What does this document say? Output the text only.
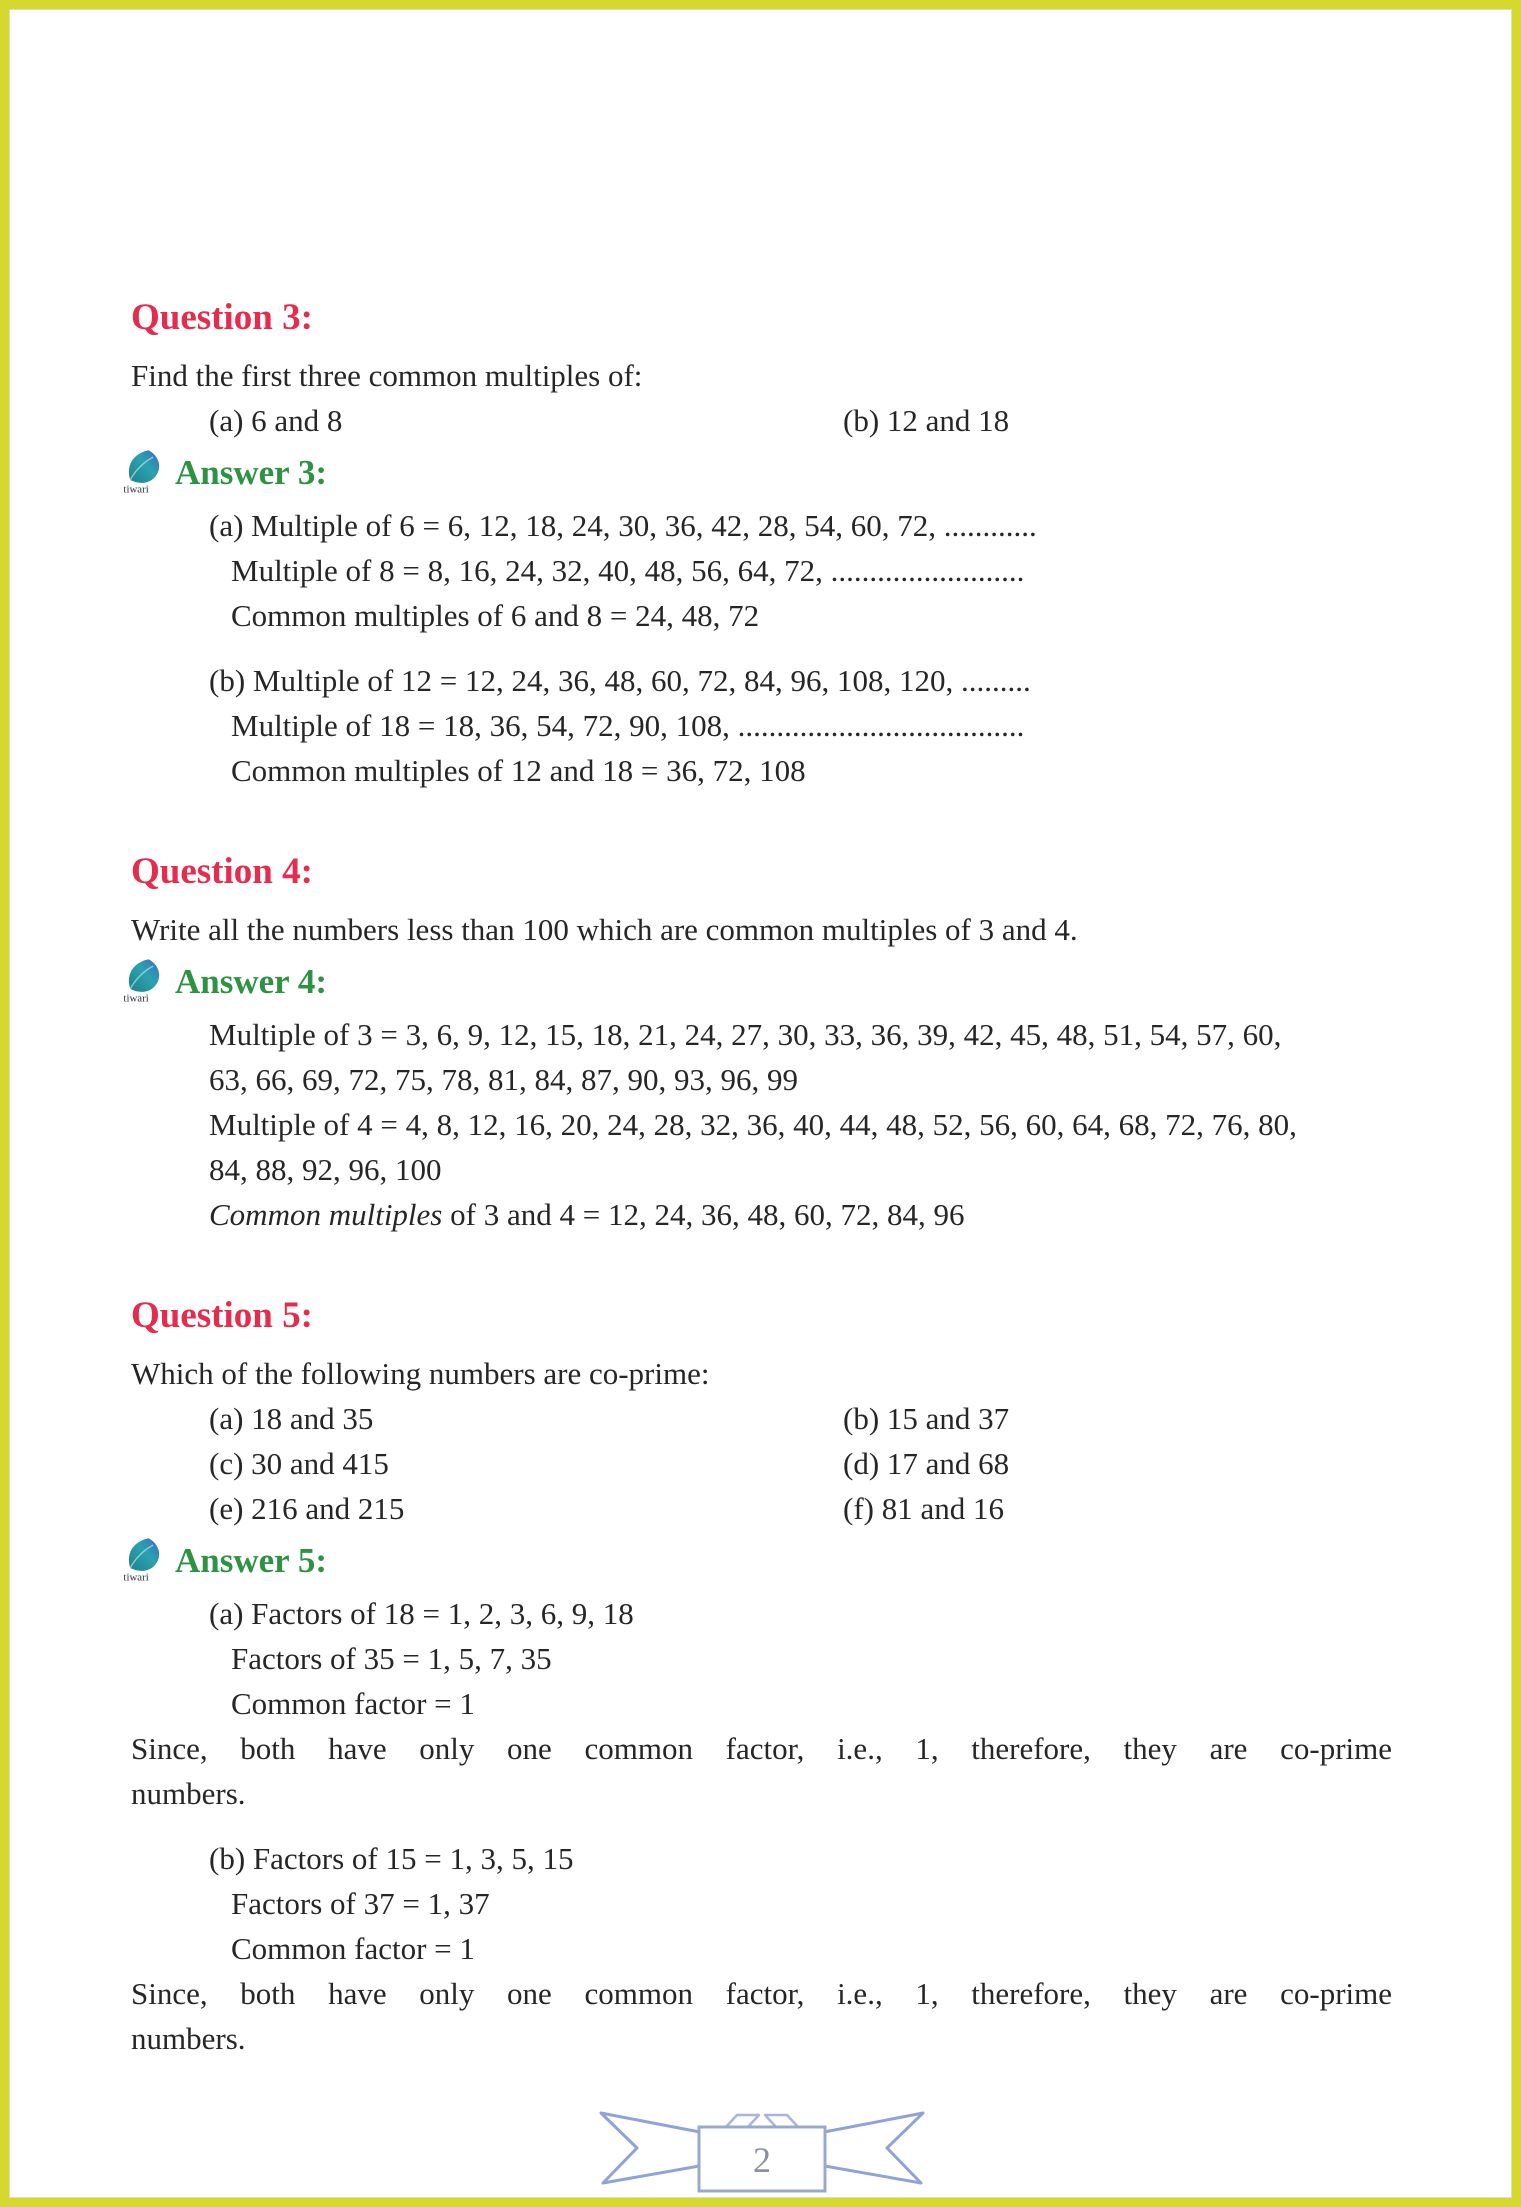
Question 3:

Find the first three common multiples of:

(a) 6 and 8	(b) 12 and 18

tiwari Answer 3:

(a) Multiple of 6 = 6, 12, 18, 24, 30, 36, 42, 28, 54, 60, 72, ............

Multiple of 8 = 8, 16, 24, 32, 40, 48, 56, 64, 72, .........................

Common multiples of 6 and 8 = 24, 48, 72

(b) Multiple of 12 = 12, 24, 36, 48, 60, 72, 84, 96, 108, 120, .........

Multiple of 18 = 18, 36, 54, 72, 90, 108, .....................................

Common multiples of 12 and 18 = 36, 72, 108

Question 4:

Write all the numbers less than 100 which are common multiples of 3 and 4.

tiwari Answer 4:

Multiple of 3 = 3, 6, 9, 12, 15, 18, 21, 24, 27, 30, 33, 36, 39, 42, 45, 48, 51, 54, 57, 60,

63, 66, 69, 72, 75, 78, 81, 84, 87, 90, 93, 96, 99

Multiple of 4 = 4, 8, 12, 16, 20, 24, 28, 32, 36, 40, 44, 48, 52, 56, 60, 64, 68, 72, 76, 80,

84, 88, 92, 96, 100

Common multiples of 3 and 4 = 12, 24, 36, 48, 60, 72, 84, 96

Question 5:

Which of the following numbers are co-prime:

(a) 18 and 35	(b) 15 and 37

(c) 30 and 415	(d) 17 and 68

(e) 216 and 215	(f) 81 and 16

tiwari Answer 5:

(a) Factors of 18 = 1, 2, 3, 6, 9, 18

Factors of 35 = 1, 5, 7, 35

Common factor = 1

Since, both have only one common factor, i.e., 1, therefore, they are co-prime

numbers.

(b) Factors of 15 = 1, 3, 5, 15

Factors of 37 = 1, 37

Common factor = 1

Since, both have only one common factor, i.e., 1, therefore, they are co-prime

numbers.

2
